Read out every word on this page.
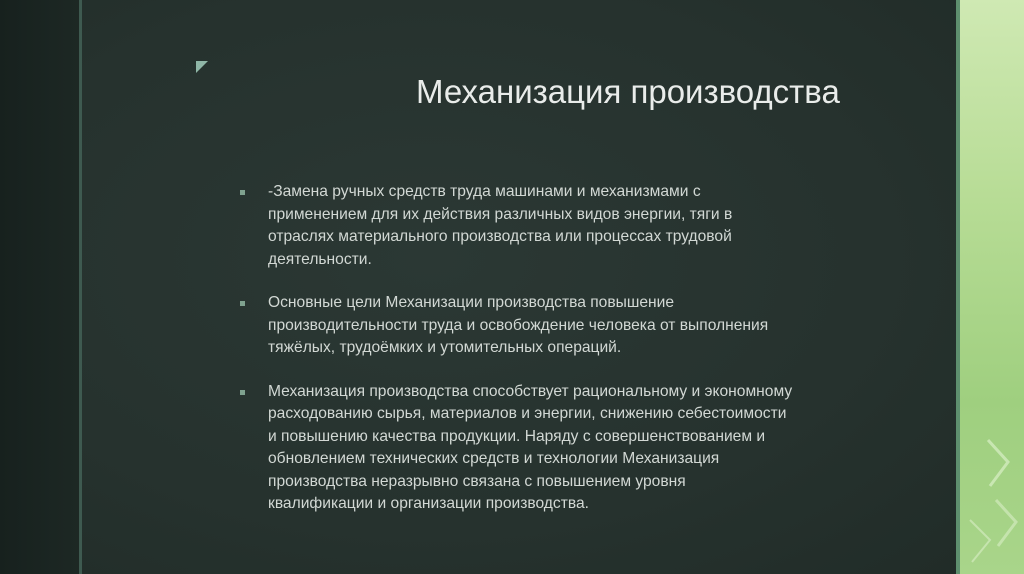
Механизация производства
-Замена ручных средств труда машинами и механизмами с
применением для их действия различных видов энергии, тяги в
отраслях материального производства или процессах трудовой
деятельности.
Основные цели Механизации производства повышение
производительности труда и освобождение человека от выполнения
тяжёлых, трудоёмких и утомительных операций.
Механизация производства способствует рациональному и экономному
расходованию сырья, материалов и энергии, снижению себестоимости
и повышению качества продукции. Наряду с совершенствованием и
обновлением технических средств и технологии Механизация
производства неразрывно связана с повышением уровня
квалификации и организации производства.
